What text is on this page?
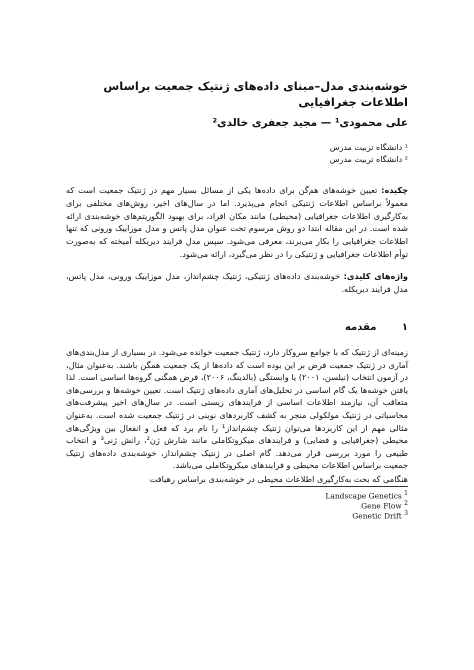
خوشه‌بندی مدل–مبنای داده‌های ژنتیک جمعیت براساس اطلاعات جغرافیایی
علی محمودی¹ — مجید جعفری خالدی²
¹ دانشگاه تربیت مدرس
² دانشگاه تربیت مدرس
چکیده: تعیین خوشه‌های هم‌گن برای داده‌ها یکی از مسائل بسیار مهم در ژنتیک جمعیت است که معمولاً براساس اطلاعات ژنتیکی انجام می‌پذیرد. اما در سال‌های اخیر، روش‌های مختلفی برای به‌کارگیری اطلاعات جغرافیایی (محیطی) مانند مکان افراد، برای بهبود الگوریتم‌های خوشه‌بندی ارائه شده است. در این مقاله ابتدا دو روش مرسوم تحت عنوان مدل پاتس و مدل موزاییک ورونی که تنها اطلاعات جغرافیایی را بکار می‌برند، معرفی می‌شود. سپس مدل فرایند دیریکله آمیخته که به‌صورت توأم اطلاعات جغرافیایی و ژنتیکی را در نظر می‌گیرد، ارائه می‌شود.
واژه‌های کلیدی: خوشه‌بندی داده‌های ژنتیکی، ژنتیک چشم‌انداز، مدل موزاییک ورونی، مدل پاتس، مدل فرایند دیریکله.
۱ مقدمه
زمینه‌ای از ژنتیک که با جوامع سروکار دارد، ژنتیک جمعیت خوانده می‌شود. در بسیاری از مدل‌بندی‌های آماری در ژنتیک جمعیت فرض بر این بوده است که داده‌ها از یک جمعیت همگن باشند. به‌عنوان مثال، در آزمون انتخاب (نیلسن، ۲۰۰۱) یا وابستگی (بالدینگ، ۲۰۰۶)، فرض همگنی گروه‌ها اساسی است. لذا یافتن خوشه‌ها یک گام اساسی در تحلیل‌های آماری داده‌های ژنتیک است. تعیین خوشه‌ها و بررسی‌های متعاقب آن، نیازمند اطلاعات اساسی از فرایندهای زیستی است. در سال‌های اخیر پیشرفت‌های محاسباتی در ژنتیک مولکولی منجر به کشف کاربردهای نوینی در ژنتیک جمعیت شده است. به‌عنوان مثالی مهم از این کاربردها می‌توان ژنتیک چشم‌انداز¹ را نام برد که فعل و انفعال بین ویژگی‌های محیطی (جغرافیایی و فضایی) و فرایندهای میکروتکاملی مانند شارش ژن²، رانش ژنی³ و انتخاب طبیعی را مورد بررسی قرار می‌دهد. گام اصلی در ژنتیک چشم‌انداز، خوشه‌بندی داده‌های ژنتیک جمعیت براساس اطلاعات محیطی و فرایندهای میکروتکاملی می‌باشد.
هنگامی که بحث به‌کارگیری اطلاعات محیطی در خوشه‌بندی براساس رهیافت
Landscape Genetics $^1$
Gene Flow $^2$
Genetic Drift $^3$
